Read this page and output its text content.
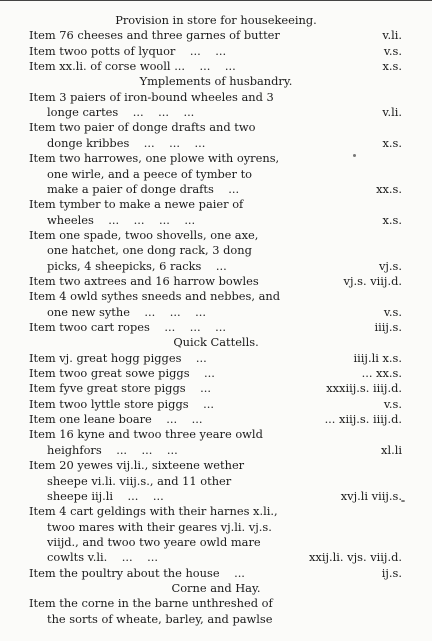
Provision in store for housekeeing.
Item 76 cheeses and three garnes of butter	v.li.
Item twoo potts of lyquor    ...    ...	v.s.
Item xx.li. of corse wooll ...    ...    ...	x.s.
Ymplements of husbandry.
Item 3 paiers of iron-bound wheeles and 3
longe cartes    ...    ...    ...	v.li.
Item two paier of donge drafts and two
donge kribbes    ...    ...    ...	x.s.
Item two harrowes, one plowe with oyrens,
one wirle, and a peece of tymber to
make a paier of donge drafts    ...	xx.s.
Item tymber to make a newe paier of
wheeles    ...    ...    ...    ...	x.s.
Item one spade, twoo shovells, one axe,
one hatchet, one dong rack, 3 dong
picks, 4 sheepicks, 6 racks    ...	vj.s.
Item two axtrees and 16 harrow bowles	vj.s. viij.d.
Item 4 owld sythes sneeds and nebbes, and
one new sythe    ...    ...    ...	v.s.
Item twoo cart ropes    ...    ...    ...	iiij.s.
Quick Cattells.
Item vj. great hogg pigges    ...	iiij.li x.s.
Item twoo great sowe piggs    ...	... xx.s.
Item fyve great store piggs    ...	xxxiij.s. iiij.d.
Item twoo lyttle store piggs    ...	v.s.
Item one leane boare    ...    ...	... xiij.s. iiij.d.
Item 16 kyne and twoo three yeare owld
heighfors    ...    ...    ...	xl.li
Item 20 yewes vij.li., sixteene wether
sheepe vi.li. viij.s., and 11 other
sheepe iij.li    ...    ...	xvj.li viij.s.
Item 4 cart geldings with their harnes x.li.,
twoo mares with their geares vj.li. vj.s.
viijd., and twoo two yeare owld mare
cowlts v.li.    ...    ...	xxij.li. vjs. viij.d.
Item the poultry about the house    ...	ij.s.
Corne and Hay.
Item the corne in the barne unthreshed of
the sorts of wheate, barley, and pawlse
